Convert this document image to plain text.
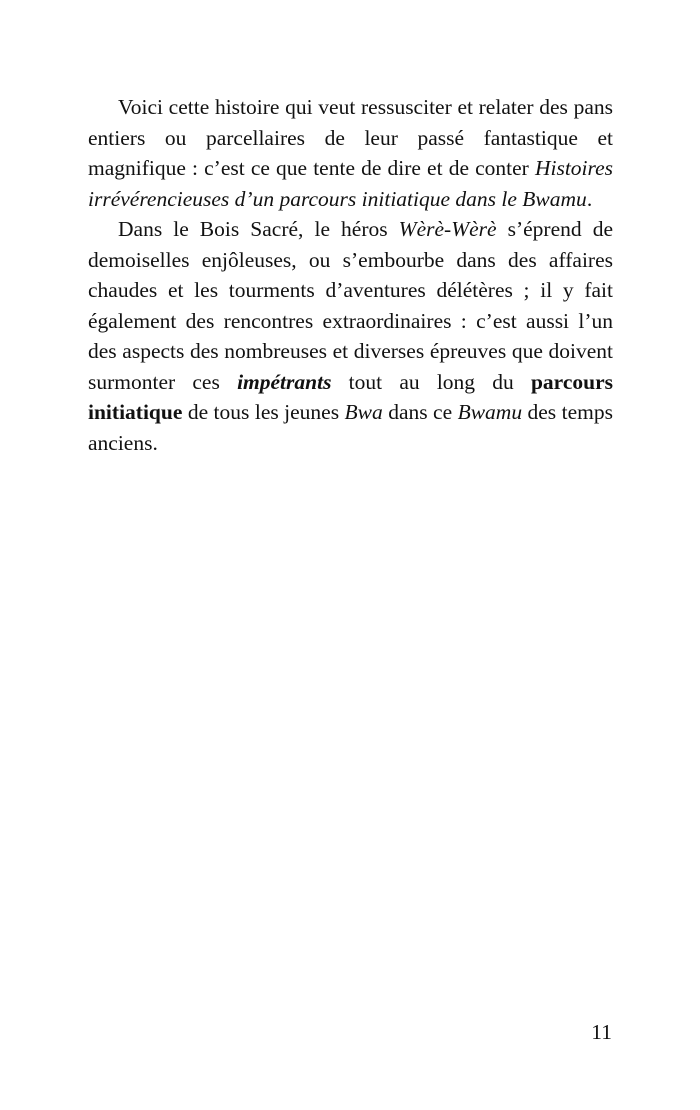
Voici cette histoire qui veut ressusciter et relater des pans entiers ou parcellaires de leur passé fantastique et magnifique : c’est ce que tente de dire et de conter Histoires irrévérencieuses d’un parcours initiatique dans le Bwamu.

Dans le Bois Sacré, le héros Wèrè-Wèrè s’éprend de demoiselles enjôleuses, ou s’embourbe dans des affaires chaudes et les tourments d’aventures délétères ; il y fait également des rencontres extraordinaires : c’est aussi l’un des aspects des nombreuses et diverses épreuves que doivent surmonter ces impétrants tout au long du parcours initiatique de tous les jeunes Bwa dans ce Bwamu des temps anciens.

11
